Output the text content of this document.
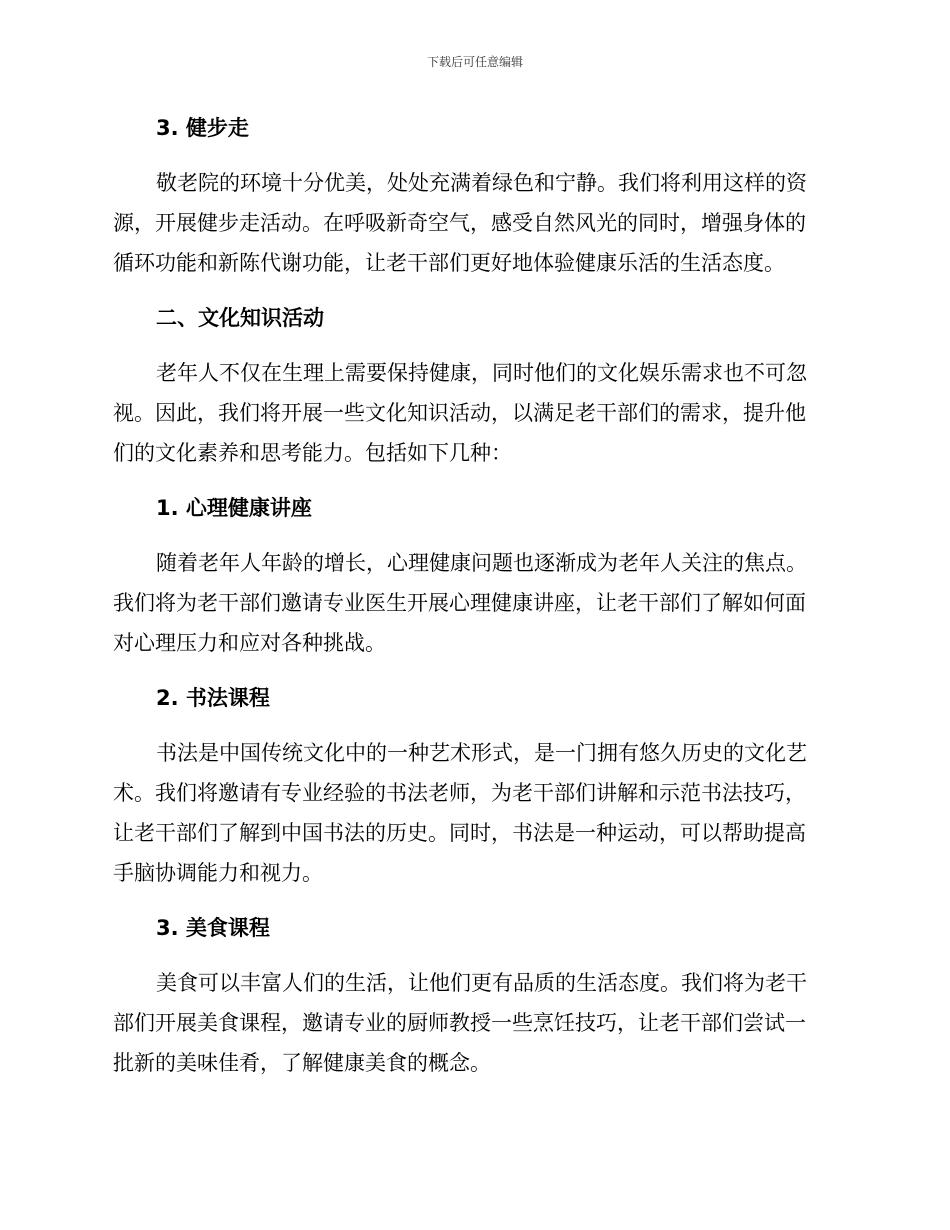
下载后可任意编辑
3. 健步走
敬老院的环境十分优美，处处充满着绿色和宁静。我们将利用这样的资
源，开展健步走活动。在呼吸新奇空气，感受自然风光的同时，增强身体的
循环功能和新陈代谢功能，让老干部们更好地体验健康乐活的生活态度。
二、文化知识活动
老年人不仅在生理上需要保持健康，同时他们的文化娱乐需求也不可忽
视。因此，我们将开展一些文化知识活动，以满足老干部们的需求，提升他
们的文化素养和思考能力。包括如下几种：
1. 心理健康讲座
随着老年人年龄的增长，心理健康问题也逐渐成为老年人关注的焦点。
我们将为老干部们邀请专业医生开展心理健康讲座，让老干部们了解如何面
对心理压力和应对各种挑战。
2. 书法课程
书法是中国传统文化中的一种艺术形式，是一门拥有悠久历史的文化艺
术。我们将邀请有专业经验的书法老师，为老干部们讲解和示范书法技巧，
让老干部们了解到中国书法的历史。同时，书法是一种运动，可以帮助提高
手脑协调能力和视力。
3. 美食课程
美食可以丰富人们的生活，让他们更有品质的生活态度。我们将为老干
部们开展美食课程，邀请专业的厨师教授一些烹饪技巧，让老干部们尝试一
批新的美味佳肴，了解健康美食的概念。
